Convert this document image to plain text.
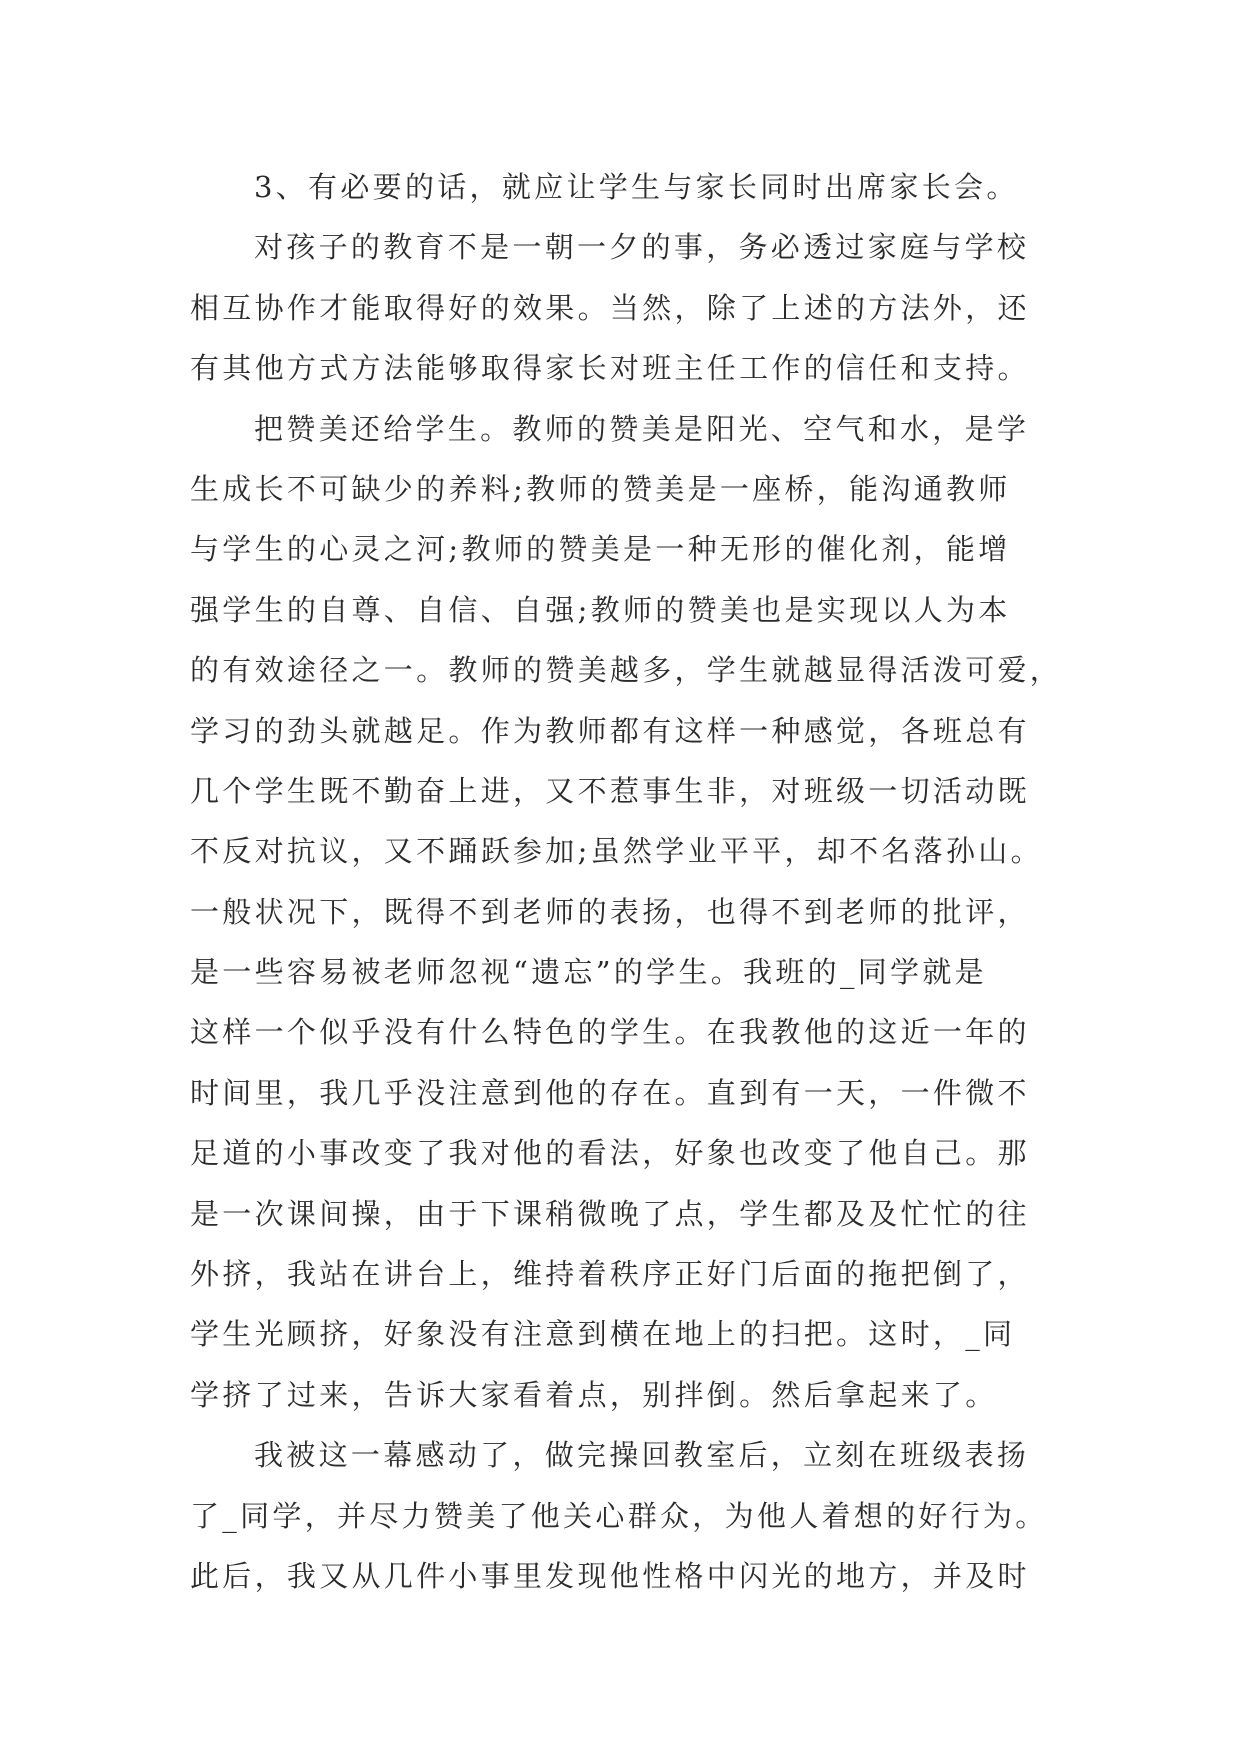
3、有必要的话，就应让学生与家长同时出席家长会。
对孩子的教育不是一朝一夕的事，务必透过家庭与学校
相互协作才能取得好的效果。当然，除了上述的方法外，还
有其他方式方法能够取得家长对班主任工作的信任和支持。
把赞美还给学生。教师的赞美是阳光、空气和水，是学
生成长不可缺少的养料;教师的赞美是一座桥，能沟通教师
与学生的心灵之河;教师的赞美是一种无形的催化剂，能增
强学生的自尊、自信、自强;教师的赞美也是实现以人为本
的有效途径之一。教师的赞美越多，学生就越显得活泼可爱，
学习的劲头就越足。作为教师都有这样一种感觉，各班总有
几个学生既不勤奋上进，又不惹事生非，对班级一切活动既
不反对抗议，又不踊跃参加;虽然学业平平，却不名落孙山。
一般状况下，既得不到老师的表扬，也得不到老师的批评，
是一些容易被老师忽视“遗忘”的学生。我班的_同学就是
这样一个似乎没有什么特色的学生。在我教他的这近一年的
时间里，我几乎没注意到他的存在。直到有一天，一件微不
足道的小事改变了我对他的看法，好象也改变了他自己。那
是一次课间操，由于下课稍微晚了点，学生都及及忙忙的往
外挤，我站在讲台上，维持着秩序正好门后面的拖把倒了，
学生光顾挤，好象没有注意到横在地上的扫把。这时，_同
学挤了过来，告诉大家看着点，别拌倒。然后拿起来了。
我被这一幕感动了，做完操回教室后，立刻在班级表扬
了_同学，并尽力赞美了他关心群众，为他人着想的好行为。
此后，我又从几件小事里发现他性格中闪光的地方，并及时
